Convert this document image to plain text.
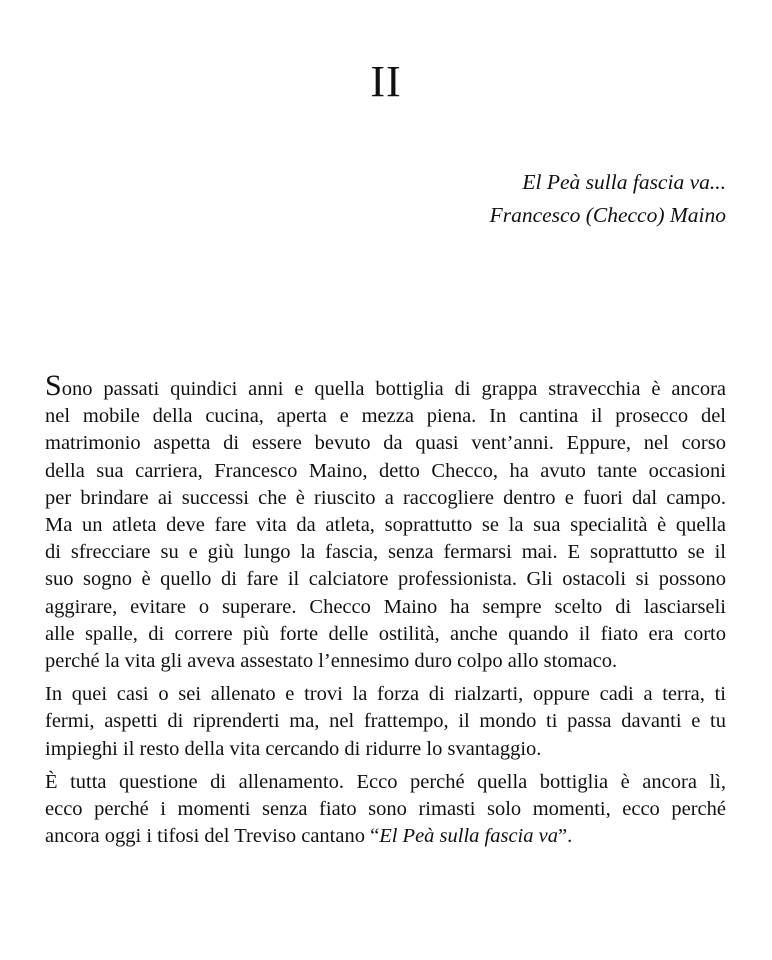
II
El Peà sulla fascia va...
Francesco (Checco) Maino
Sono passati quindici anni e quella bottiglia di grappa stravecchia è ancora
nel mobile della cucina, aperta e mezza piena. In cantina il prosecco del
matrimonio aspetta di essere bevuto da quasi vent’anni. Eppure, nel corso
della sua carriera, Francesco Maino, detto Checco, ha avuto tante occasioni
per brindare ai successi che è riuscito a raccogliere dentro e fuori dal campo.
Ma un atleta deve fare vita da atleta, soprattutto se la sua specialità è quella
di sfrecciare su e giù lungo la fascia, senza fermarsi mai. E soprattutto se il
suo sogno è quello di fare il calciatore professionista. Gli ostacoli si possono
aggirare, evitare o superare. Checco Maino ha sempre scelto di lasciarseli
alle spalle, di correre più forte delle ostilità, anche quando il fiato era corto
perché la vita gli aveva assestato l’ennesimo duro colpo allo stomaco.
In quei casi o sei allenato e trovi la forza di rialzarti, oppure cadi a terra, ti
fermi, aspetti di riprenderti ma, nel frattempo, il mondo ti passa davanti e tu
impieghi il resto della vita cercando di ridurre lo svantaggio.
È tutta questione di allenamento. Ecco perché quella bottiglia è ancora lì,
ecco perché i momenti senza fiato sono rimasti solo momenti, ecco perché
ancora oggi i tifosi del Treviso cantano “El Peà sulla fascia va”.
